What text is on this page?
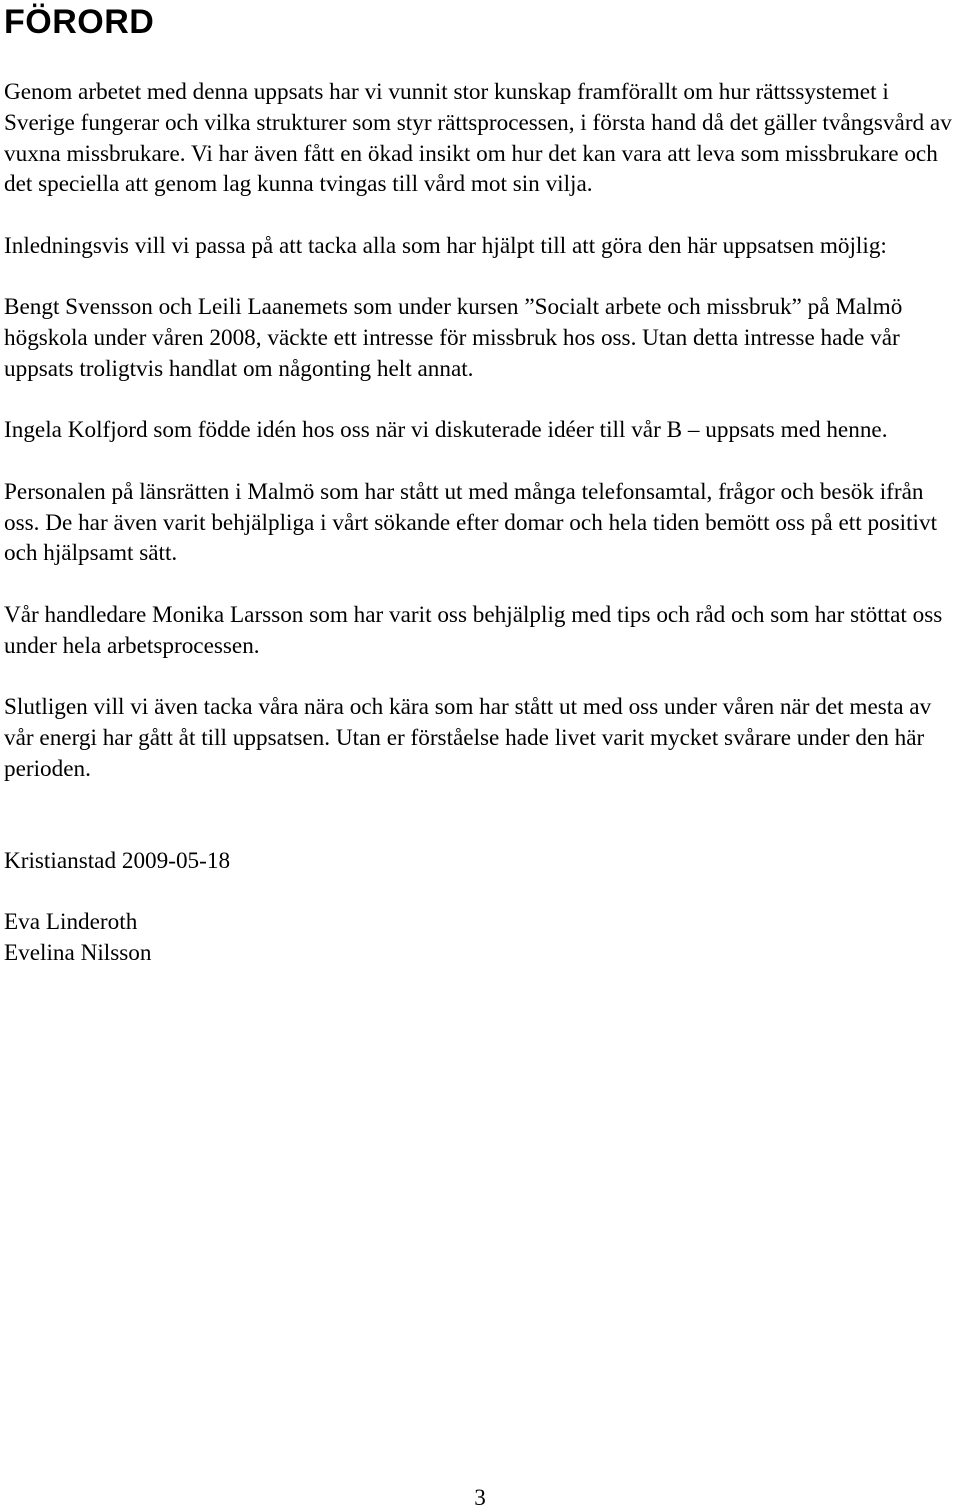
FÖRORD

Genom arbetet med denna uppsats har vi vunnit stor kunskap framförallt om hur rättssystemet i Sverige fungerar och vilka strukturer som styr rättsprocessen, i första hand då det gäller tvångsvård av vuxna missbrukare. Vi har även fått en ökad insikt om hur det kan vara att leva som missbrukare och det speciella att genom lag kunna tvingas till vård mot sin vilja.

Inledningsvis vill vi passa på att tacka alla som har hjälpt till att göra den här uppsatsen möjlig:

Bengt Svensson och Leili Laanemets som under kursen ”Socialt arbete och missbruk” på Malmö högskola under våren 2008, väckte ett intresse för missbruk hos oss. Utan detta intresse hade vår uppsats troligtvis handlat om någonting helt annat.

Ingela Kolfjord som födde idén hos oss när vi diskuterade idéer till vår B – uppsats med henne.

Personalen på länsrätten i Malmö som har stått ut med många telefonsamtal, frågor och besök ifrån oss. De har även varit behjälpliga i vårt sökande efter domar och hela tiden bemött oss på ett positivt och hjälpsamt sätt.

Vår handledare Monika Larsson som har varit oss behjälplig med tips och råd och som har stöttat oss under hela arbetsprocessen.

Slutligen vill vi även tacka våra nära och kära som har stått ut med oss under våren när det mesta av vår energi har gått åt till uppsatsen. Utan er förståelse hade livet varit mycket svårare under den här perioden.

Kristianstad 2009-05-18

Eva Linderoth
Evelina Nilsson
3
